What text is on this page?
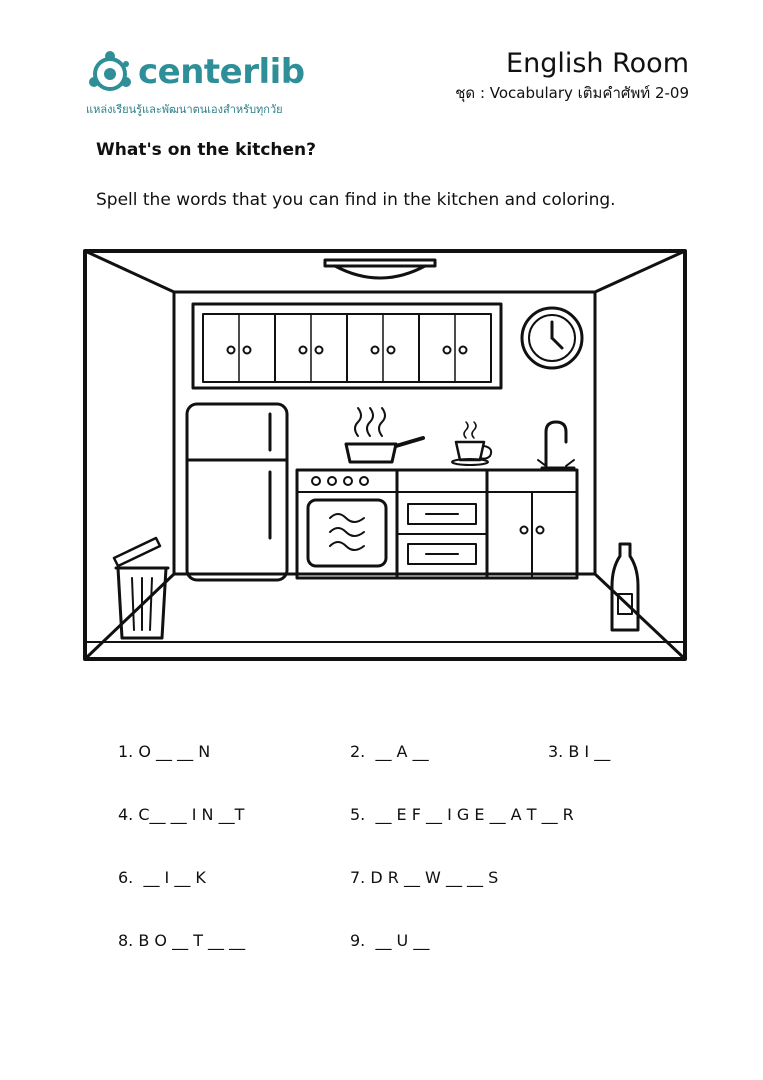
centerlib
แหล่งเรียนรู้และพัฒนาตนเองสำหรับทุกวัย
English Room
ชุด : Vocabulary เติมคำศัพท์ 2-09
What's on the kitchen?
Spell the words that you can find in the kitchen and coloring.
1. O __ __ N	2.  __ A __	3. B I __
4. C__ __ I N __T	5.  __ E F __ I G E __ A T __ R
6.  __ I __ K	7. D R __ W __ __ S
8. B O __ T __ __	9.  __ U __
